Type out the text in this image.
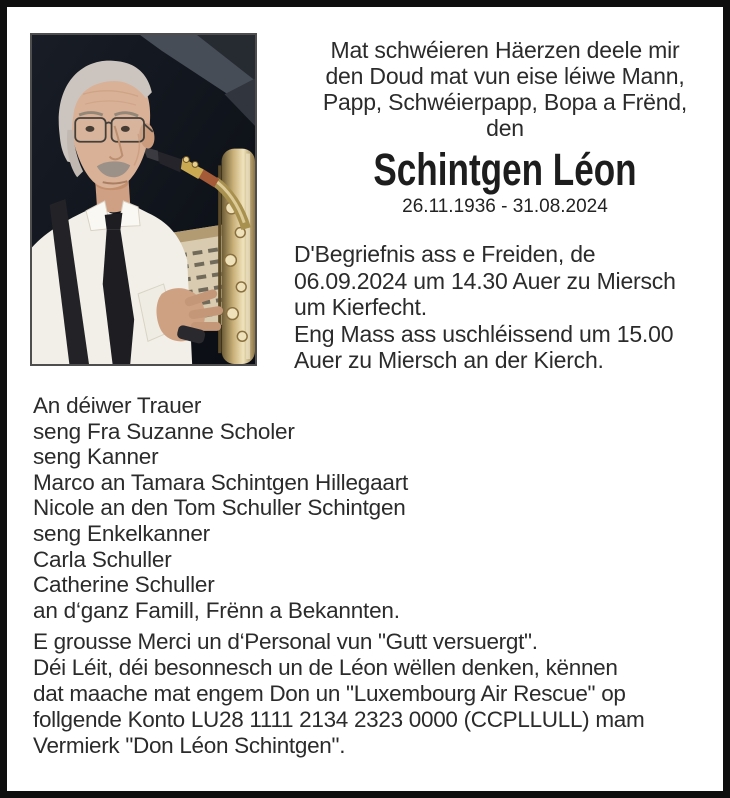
Mat schwéieren Häerzen deele mir
den Doud mat vun eise léiwe Mann,
Papp, Schwéierpapp, Bopa a Frënd,
den
Schintgen Léon
26.11.1936 - 31.08.2024
D'Begriefnis ass e Freiden, de
06.09.2024 um 14.30 Auer zu Miersch
um Kierfecht.
Eng Mass ass uschléissend um 15.00
Auer zu Miersch an der Kierch.
An déiwer Trauer
seng Fra Suzanne Scholer
seng Kanner
Marco an Tamara Schintgen Hillegaart
Nicole an den Tom Schuller Schintgen
seng Enkelkanner
Carla Schuller
Catherine Schuller
an d‘ganz Famill, Frënn a Bekannten.
E grousse Merci un d‘Personal vun "Gutt versuergt".
Déi Léit, déi besonnesch un de Léon wëllen denken, kënnen
dat maache mat engem Don un "Luxembourg Air Rescue" op
follgende Konto LU28 1111 2134 2323 0000 (CCPLLULL) mam
Vermierk "Don Léon Schintgen".
